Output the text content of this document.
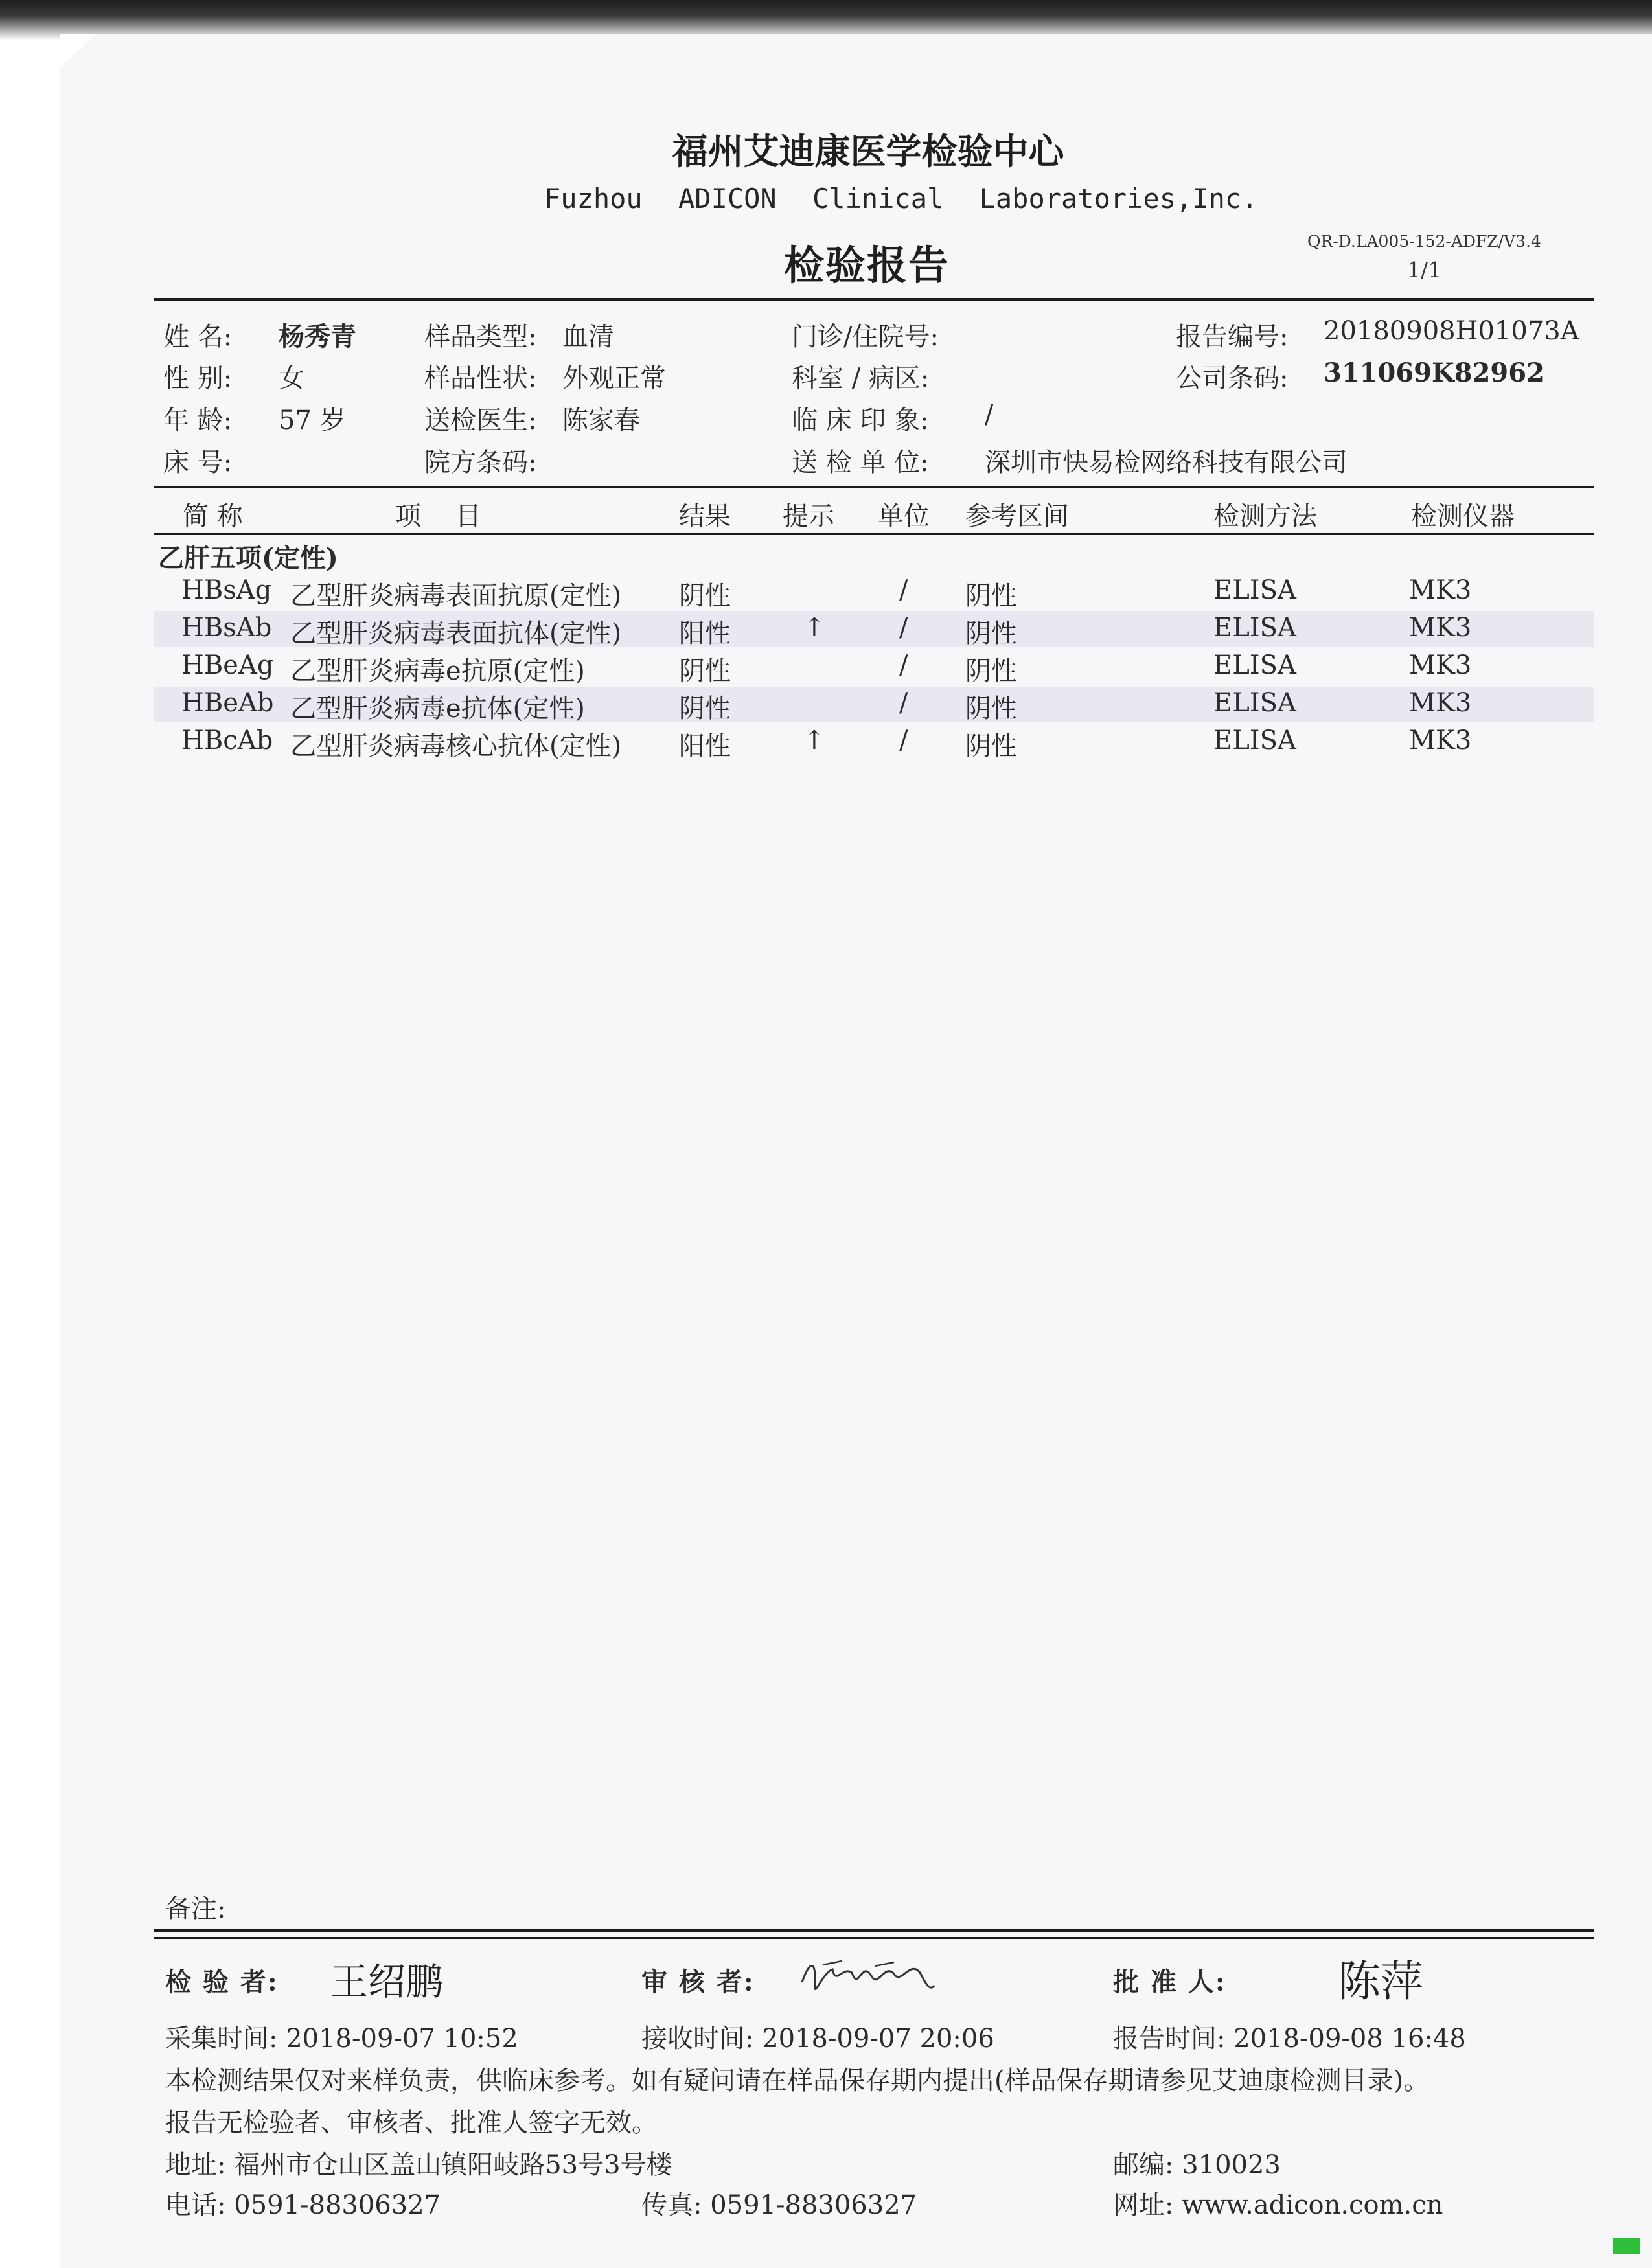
福州艾迪康医学检验中心
Fuzhou ADICON Clinical Laboratories,Inc.
检验报告
QR-D.LA005-152-ADFZ/V3.4
1/1
姓 名: 杨秀青
性 别: 女
年 龄: 57 岁
床 号:
样品类型: 血清
样品性状: 外观正常
送检医生: 陈家春
院方条码:
门诊/住院号:
科室 / 病区:
临 床 印 象: /
送 检 单 位: 深圳市快易检网络科技有限公司
报告编号: 20180908H01073A
公司条码: 311069K82962
简 称	项 目	结果 提示 单位 参考区间	检测方法	检测仪器
乙肝五项(定性)
HBsAg 乙型肝炎病毒表面抗原(定性) 阴性	/ 阴性	ELISA	MK3
HBsAb 乙型肝炎病毒表面抗体(定性) 阳性	↑	/ 阴性	ELISA	MK3
HBeAg 乙型肝炎病毒e抗原(定性)	阴性	/ 阴性	ELISA	MK3
HBeAb 乙型肝炎病毒e抗体(定性)	阴性	/ 阴性	ELISA	MK3
HBcAb 乙型肝炎病毒核心抗体(定性) 阳性	↑	/ 阴性	ELISA	MK3
备注:
检 验 者: 王绍鹏	审 核 者:	批 准 人:	陈萍
采集时间: 2018-09-07 10:52	接收时间: 2018-09-07 20:06	报告时间: 2018-09-08 16:48
本检测结果仅对来样负责，供临床参考。如有疑问请在样品保存期内提出(样品保存期请参见艾迪康检测目录)。
报告无检验者、审核者、批准人签字无效。
地址: 福州市仓山区盖山镇阳岐路53号3号楼	邮编: 310023
电话: 0591-88306327	传真: 0591-88306327	网址: www.adicon.com.cn
